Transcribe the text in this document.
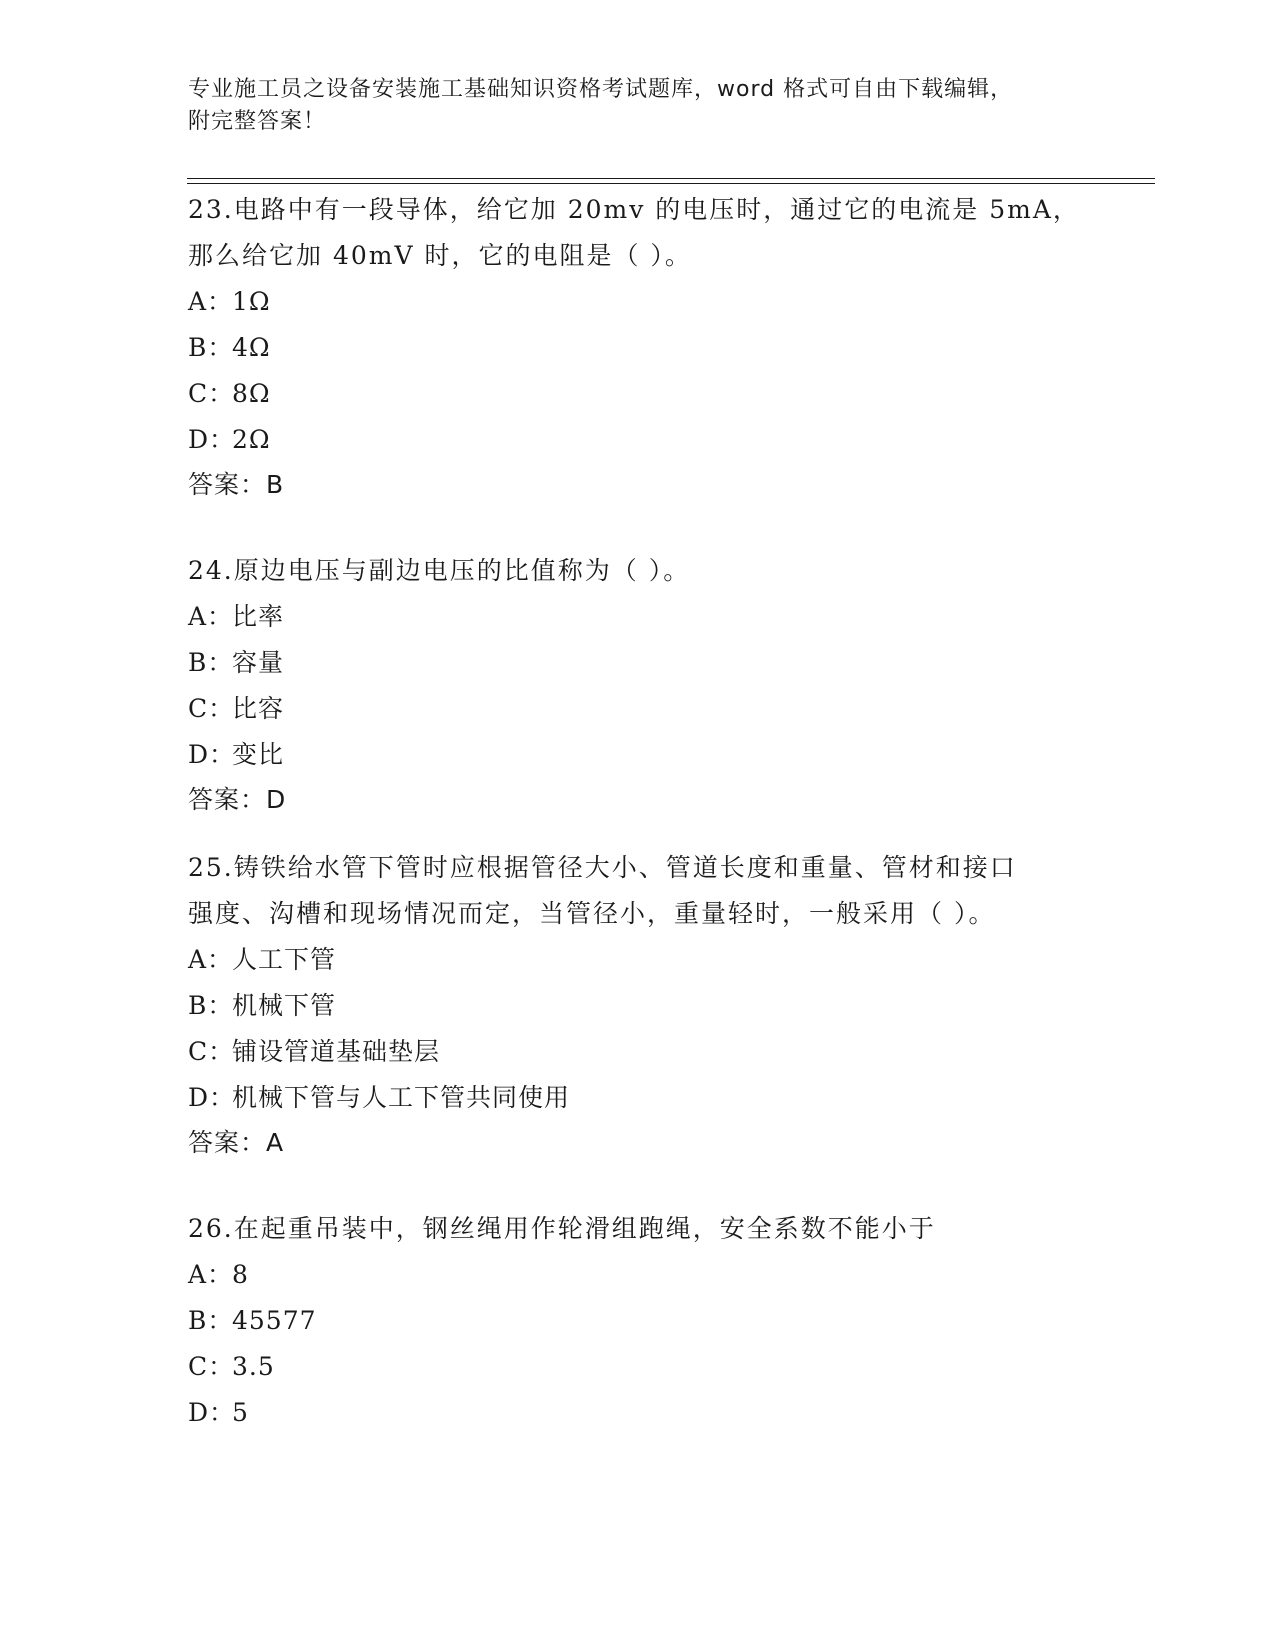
专业施工员之设备安装施工基础知识资格考试题库，word 格式可自由下载编辑，
附完整答案！

23.电路中有一段导体，给它加 20mv 的电压时，通过它的电流是 5mA，

那么给它加 40mV 时，它的电阻是（ ）。

A：1Ω

B：4Ω

C：8Ω

D：2Ω

答案：B

24.原边电压与副边电压的比值称为（ ）。

A：比率

B：容量

C：比容

D：变比

答案：D

25.铸铁给水管下管时应根据管径大小、管道长度和重量、管材和接口

强度、沟槽和现场情况而定，当管径小，重量轻时，一般采用（ ）。

A：人工下管

B：机械下管

C：铺设管道基础垫层

D：机械下管与人工下管共同使用

答案：A

26.在起重吊装中，钢丝绳用作轮滑组跑绳，安全系数不能小于

A：8

B：45577

C：3.5

D：5
